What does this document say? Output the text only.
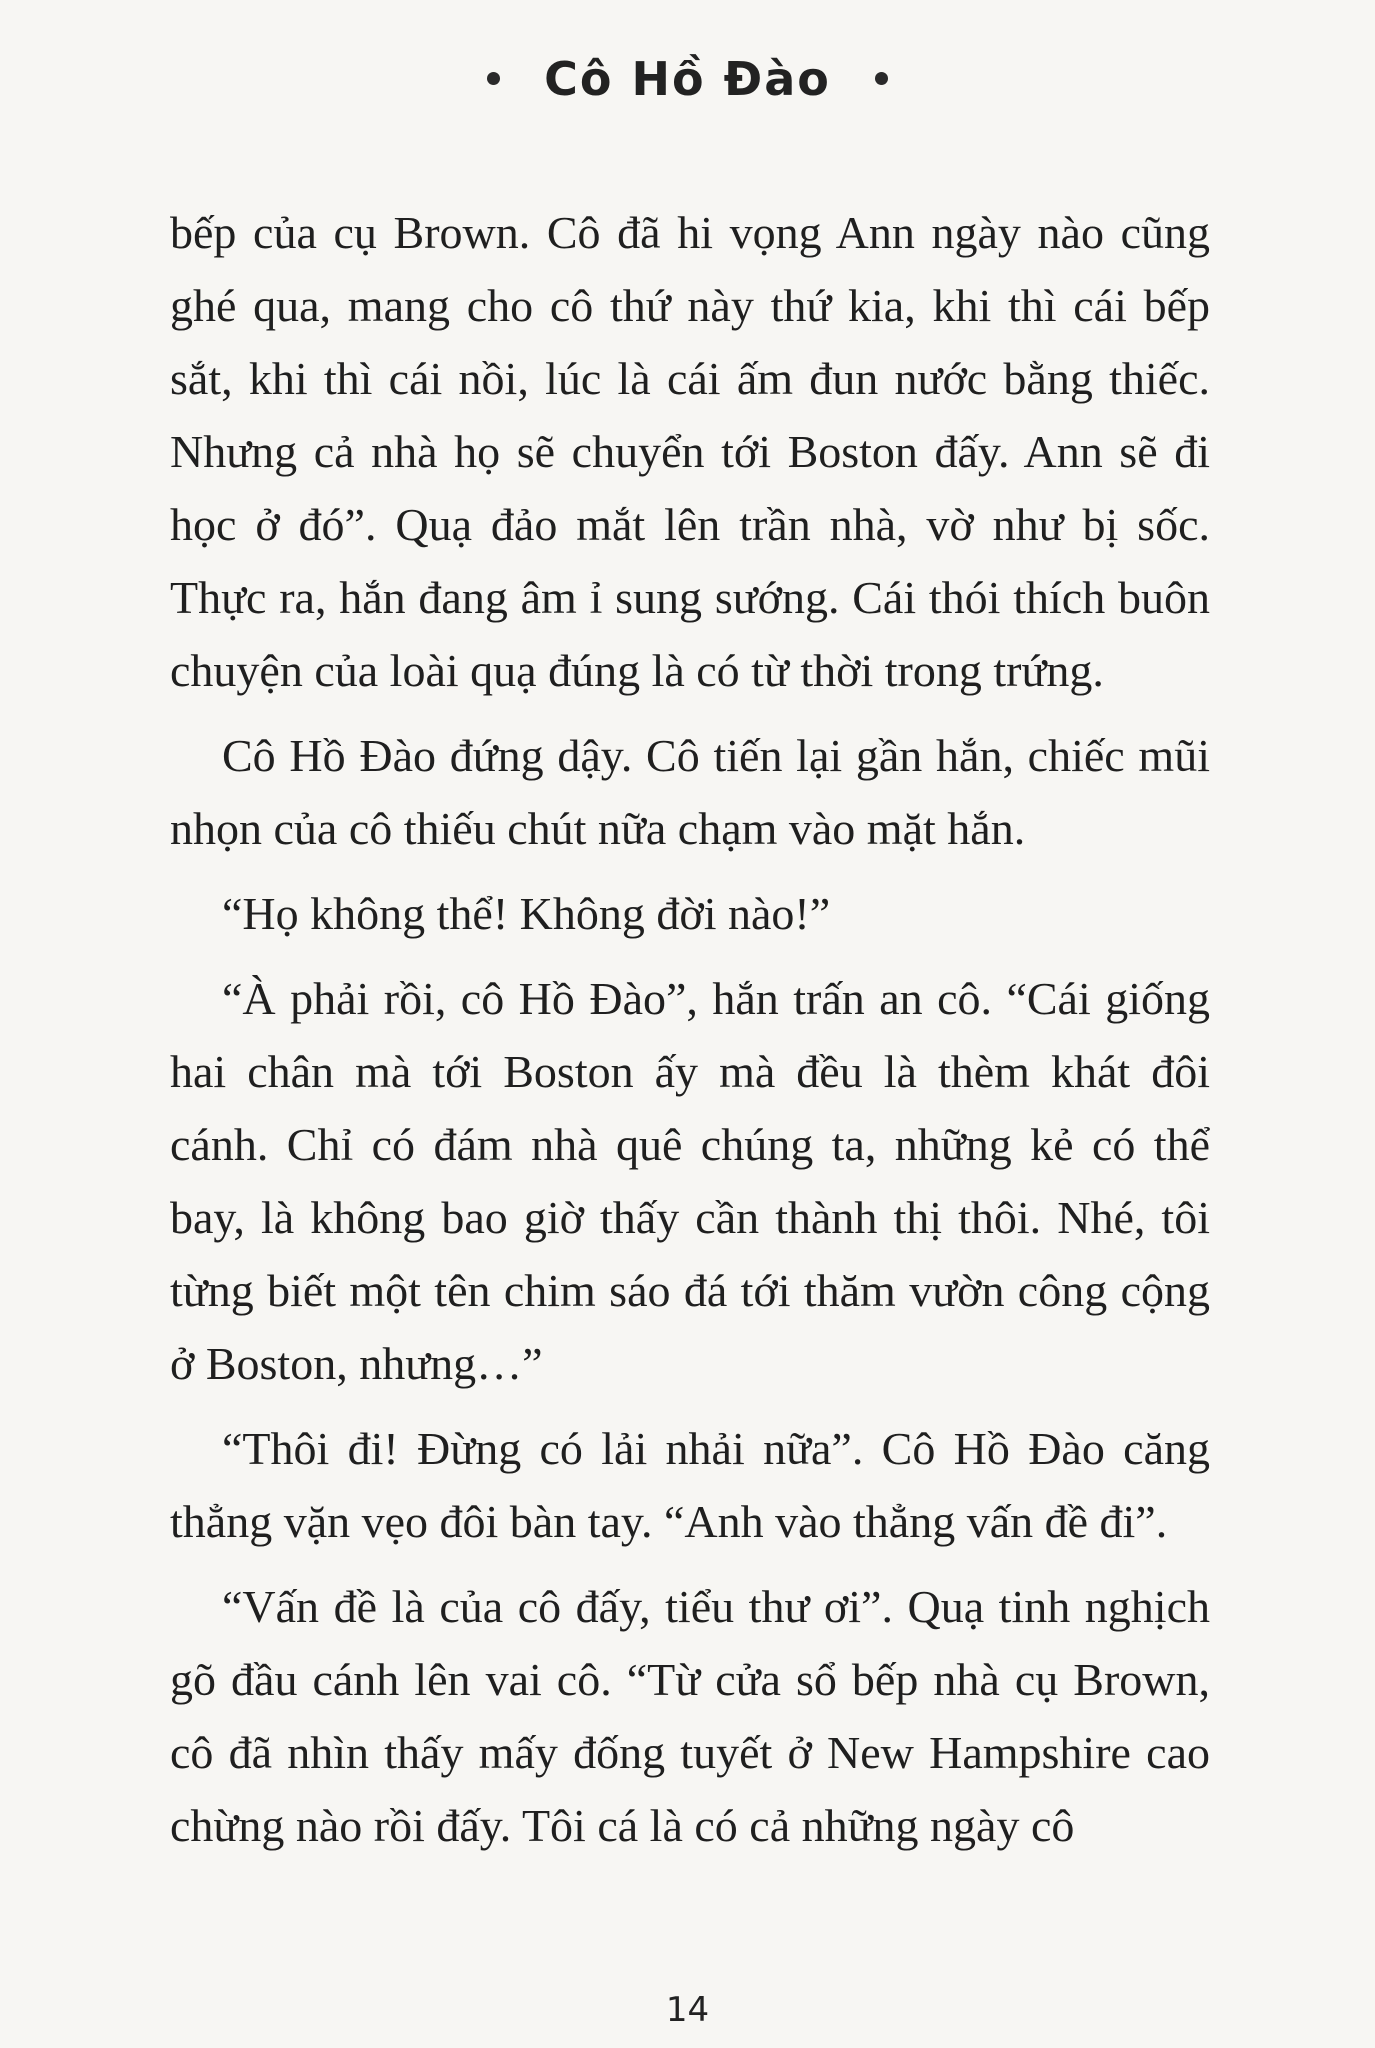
Cô Hồ Đào

bếp của cụ Brown. Cô đã hi vọng Ann ngày nào cũng ghé qua, mang cho cô thứ này thứ kia, khi thì cái bếp sắt, khi thì cái nồi, lúc là cái ấm đun nước bằng thiếc. Nhưng cả nhà họ sẽ chuyển tới Boston đấy. Ann sẽ đi học ở đó”. Quạ đảo mắt lên trần nhà, vờ như bị sốc. Thực ra, hắn đang âm ỉ sung sướng. Cái thói thích buôn chuyện của loài quạ đúng là có từ thời trong trứng.

Cô Hồ Đào đứng dậy. Cô tiến lại gần hắn, chiếc mũi nhọn của cô thiếu chút nữa chạm vào mặt hắn.

“Họ không thể! Không đời nào!”

“À phải rồi, cô Hồ Đào”, hắn trấn an cô. “Cái giống hai chân mà tới Boston ấy mà đều là thèm khát đôi cánh. Chỉ có đám nhà quê chúng ta, những kẻ có thể bay, là không bao giờ thấy cần thành thị thôi. Nhé, tôi từng biết một tên chim sáo đá tới thăm vườn công cộng ở Boston, nhưng…”

“Thôi đi! Đừng có lải nhải nữa”. Cô Hồ Đào căng thẳng vặn vẹo đôi bàn tay. “Anh vào thẳng vấn đề đi”.

“Vấn đề là của cô đấy, tiểu thư ơi”. Quạ tinh nghịch gõ đầu cánh lên vai cô. “Từ cửa sổ bếp nhà cụ Brown, cô đã nhìn thấy mấy đống tuyết ở New Hampshire cao chừng nào rồi đấy. Tôi cá là có cả những ngày cô

14
